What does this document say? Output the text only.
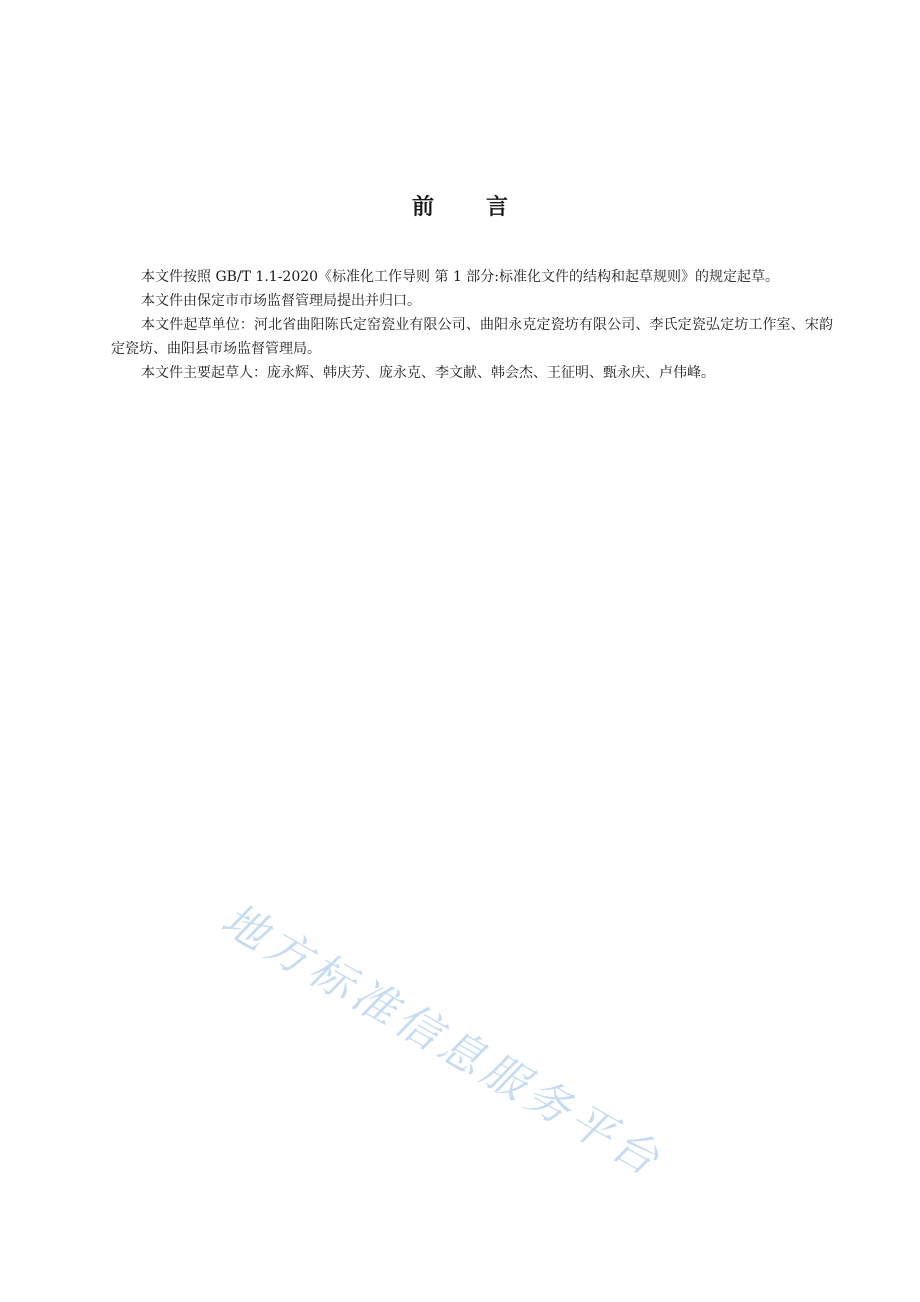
前 言

本文件按照 GB/T 1.1-2020《标准化工作导则 第 1 部分:标准化文件的结构和起草规则》的规定起草。

本文件由保定市市场监督管理局提出并归口。

本文件起草单位：河北省曲阳陈氏定窑瓷业有限公司、曲阳永克定瓷坊有限公司、李氏定瓷弘定坊工作室、宋韵定瓷坊、曲阳县市场监督管理局。

本文件主要起草人：庞永辉、韩庆芳、庞永克、李文献、韩会杰、王征明、甄永庆、卢伟峰。

地方标准信息服务平台
